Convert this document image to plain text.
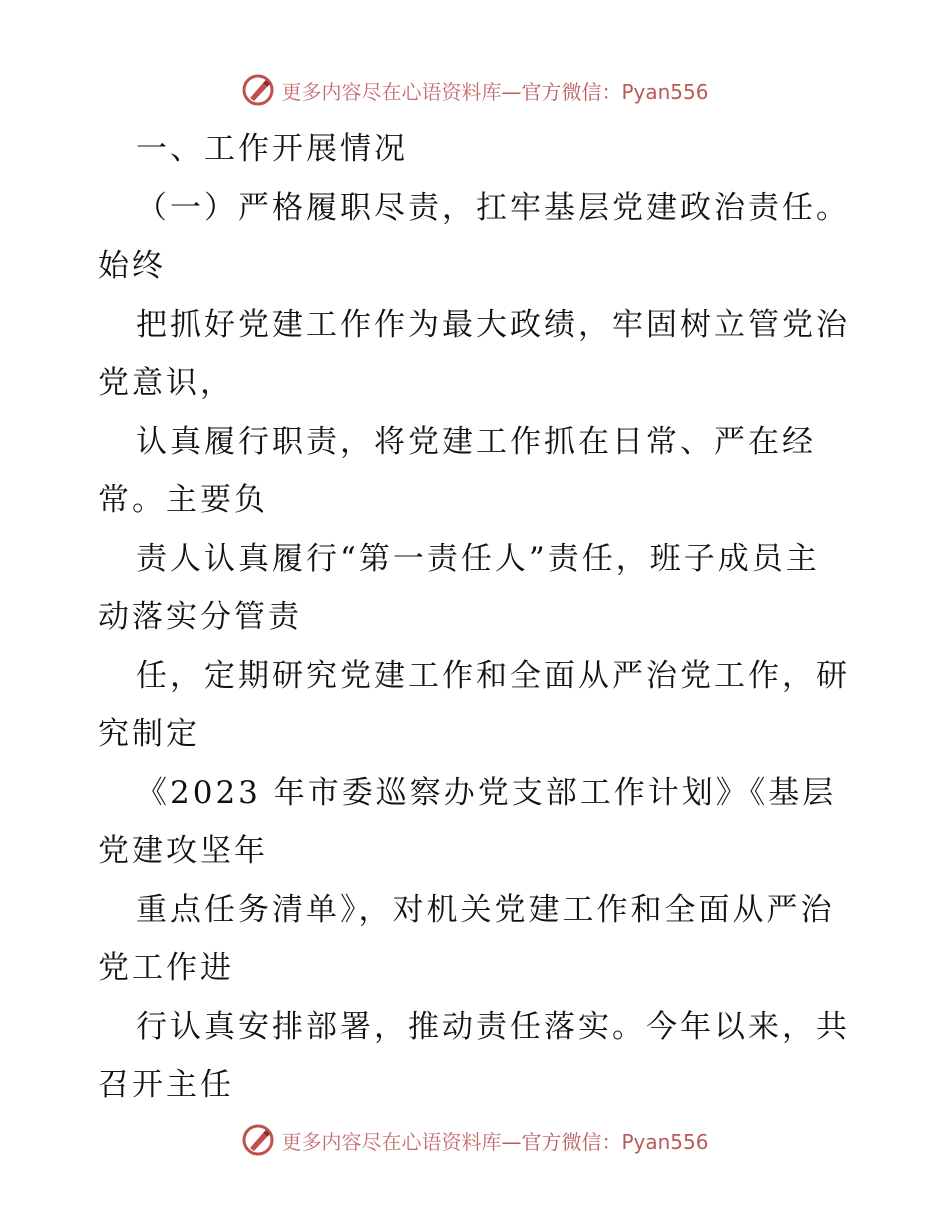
更多内容尽在心语资料库—官方微信：Pyan556
一、工作开展情况
（一）严格履职尽责，扛牢基层党建政治责任。
始终
把抓好党建工作作为最大政绩，牢固树立管党治
党意识，
认真履行职责，将党建工作抓在日常、严在经
常。主要负
责人认真履行“第一责任人”责任，班子成员主
动落实分管责
任，定期研究党建工作和全面从严治党工作，研
究制定
《2023 年市委巡察办党支部工作计划》《基层
党建攻坚年
重点任务清单》，对机关党建工作和全面从严治
党工作进
行认真安排部署，推动责任落实。今年以来，共
召开主任
更多内容尽在心语资料库—官方微信：Pyan556
